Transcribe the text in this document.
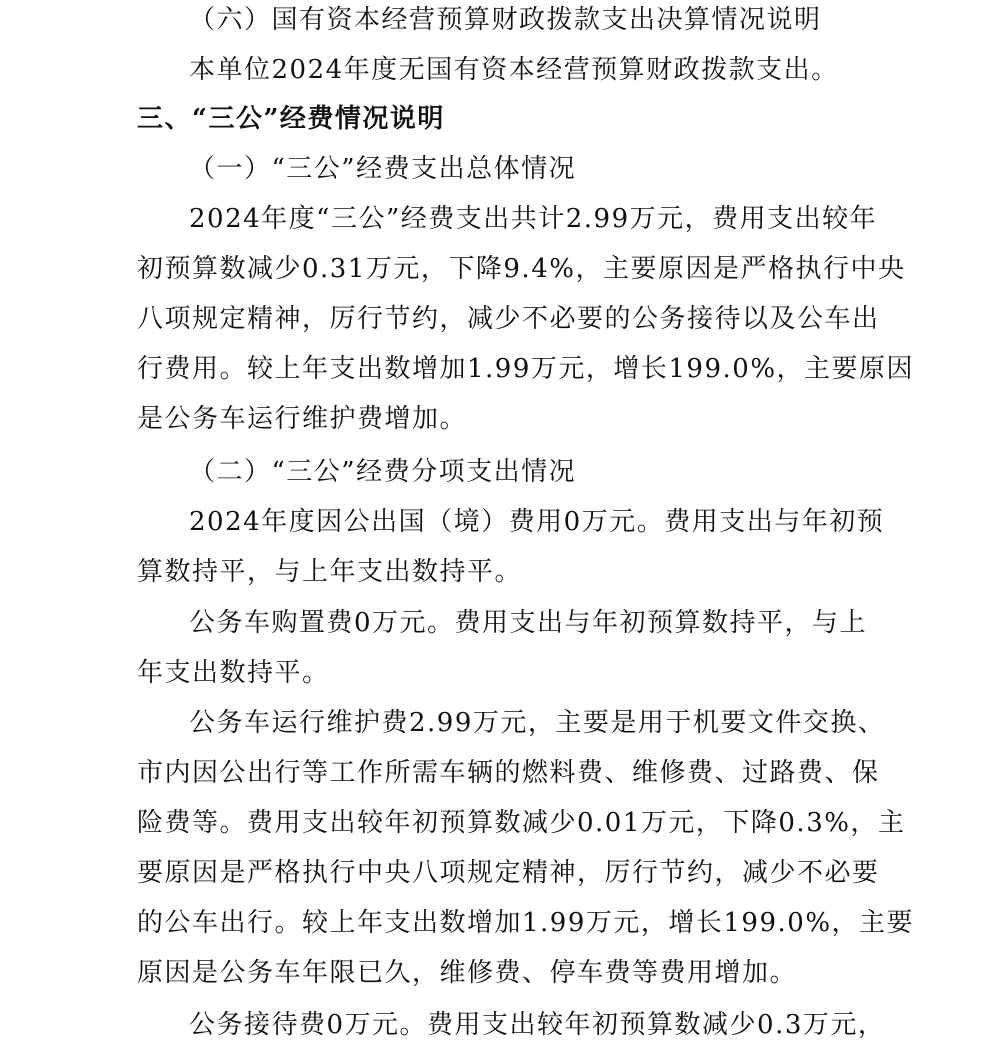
（六）国有资本经营预算财政拨款支出决算情况说明

本单位2024年度无国有资本经营预算财政拨款支出。

三、“三公”经费情况说明

（一）“三公”经费支出总体情况

2024年度“三公”经费支出共计2.99万元，费用支出较年

初预算数减少0.31万元，下降9.4%，主要原因是严格执行中央

八项规定精神，厉行节约，减少不必要的公务接待以及公车出

行费用。较上年支出数增加1.99万元，增长199.0%，主要原因

是公务车运行维护费增加。

（二）“三公”经费分项支出情况

2024年度因公出国（境）费用0万元。费用支出与年初预

算数持平，与上年支出数持平。

公务车购置费0万元。费用支出与年初预算数持平，与上

年支出数持平。

公务车运行维护费2.99万元，主要是用于机要文件交换、

市内因公出行等工作所需车辆的燃料费、维修费、过路费、保

险费等。费用支出较年初预算数减少0.01万元，下降0.3%，主

要原因是严格执行中央八项规定精神，厉行节约，减少不必要

的公车出行。较上年支出数增加1.99万元，增长199.0%，主要

原因是公务车年限已久，维修费、停车费等费用增加。

公务接待费0万元。费用支出较年初预算数减少0.3万元，
